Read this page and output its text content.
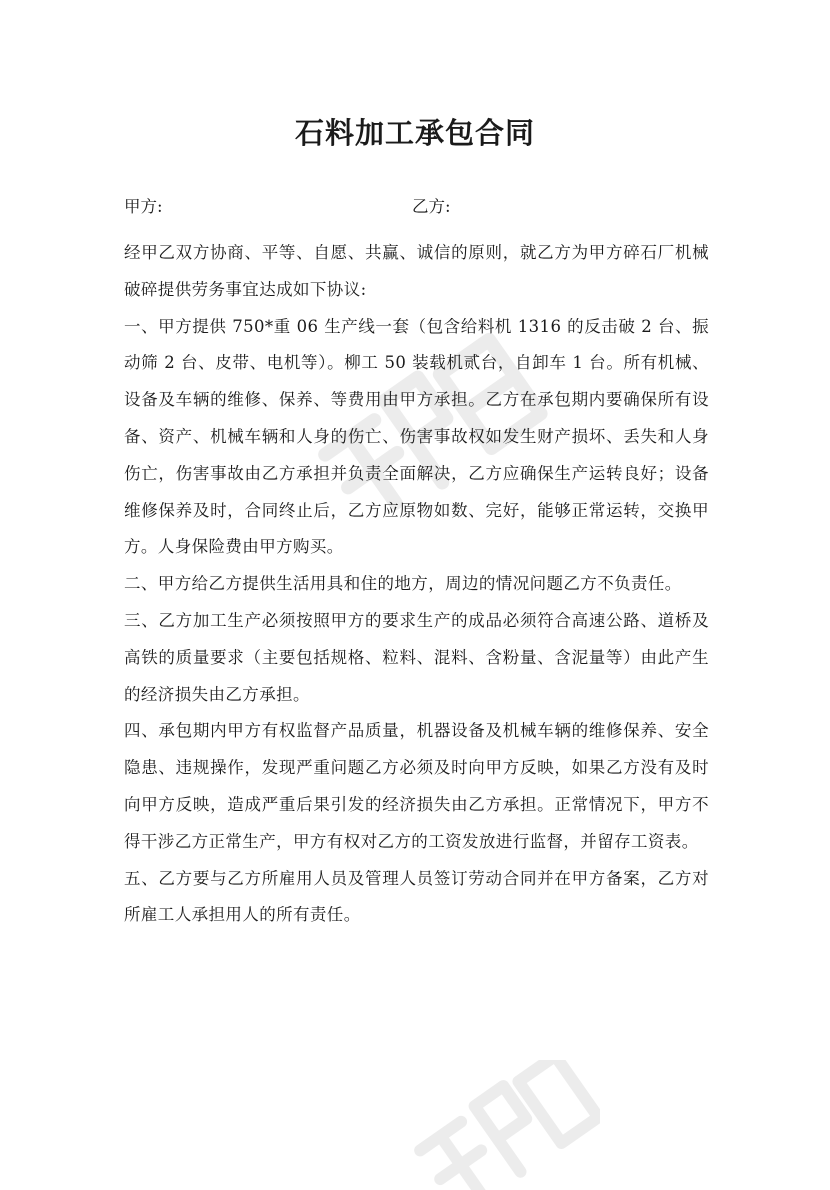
石料加工承包合同
甲方:	乙方:

经甲乙双方协商、平等、自愿、共赢、诚信的原则，就乙方为甲方碎石厂机械破碎提供劳务事宜达成如下协议:

一、甲方提供 750*重 06 生产线一套（包含给料机 1316 的反击破 2 台、振动筛 2 台、皮带、电机等）。柳工 50 装载机贰台，自卸车 1 台。所有机械、设备及车辆的维修、保养、等费用由甲方承担。乙方在承包期内要确保所有设备、资产、机械车辆和人身的伤亡、伤害事故权如发生财产损坏、丢失和人身伤亡，伤害事故由乙方承担并负责全面解决，乙方应确保生产运转良好；设备维修保养及时，合同终止后，乙方应原物如数、完好，能够正常运转，交换甲方。人身保险费由甲方购买。

二、甲方给乙方提供生活用具和住的地方，周边的情况问题乙方不负责任。

三、乙方加工生产必须按照甲方的要求生产的成品必须符合高速公路、道桥及高铁的质量要求（主要包括规格、粒料、混料、含粉量、含泥量等）由此产生的经济损失由乙方承担。

四、承包期内甲方有权监督产品质量，机器设备及机械车辆的维修保养、安全隐患、违规操作，发现严重问题乙方必须及时向甲方反映，如果乙方没有及时向甲方反映，造成严重后果引发的经济损失由乙方承担。正常情况下，甲方不得干涉乙方正常生产，甲方有权对乙方的工资发放进行监督，并留存工资表。

五、乙方要与乙方所雇用人员及管理人员签订劳动合同并在甲方备案，乙方对所雇工人承担用人的所有责任。
